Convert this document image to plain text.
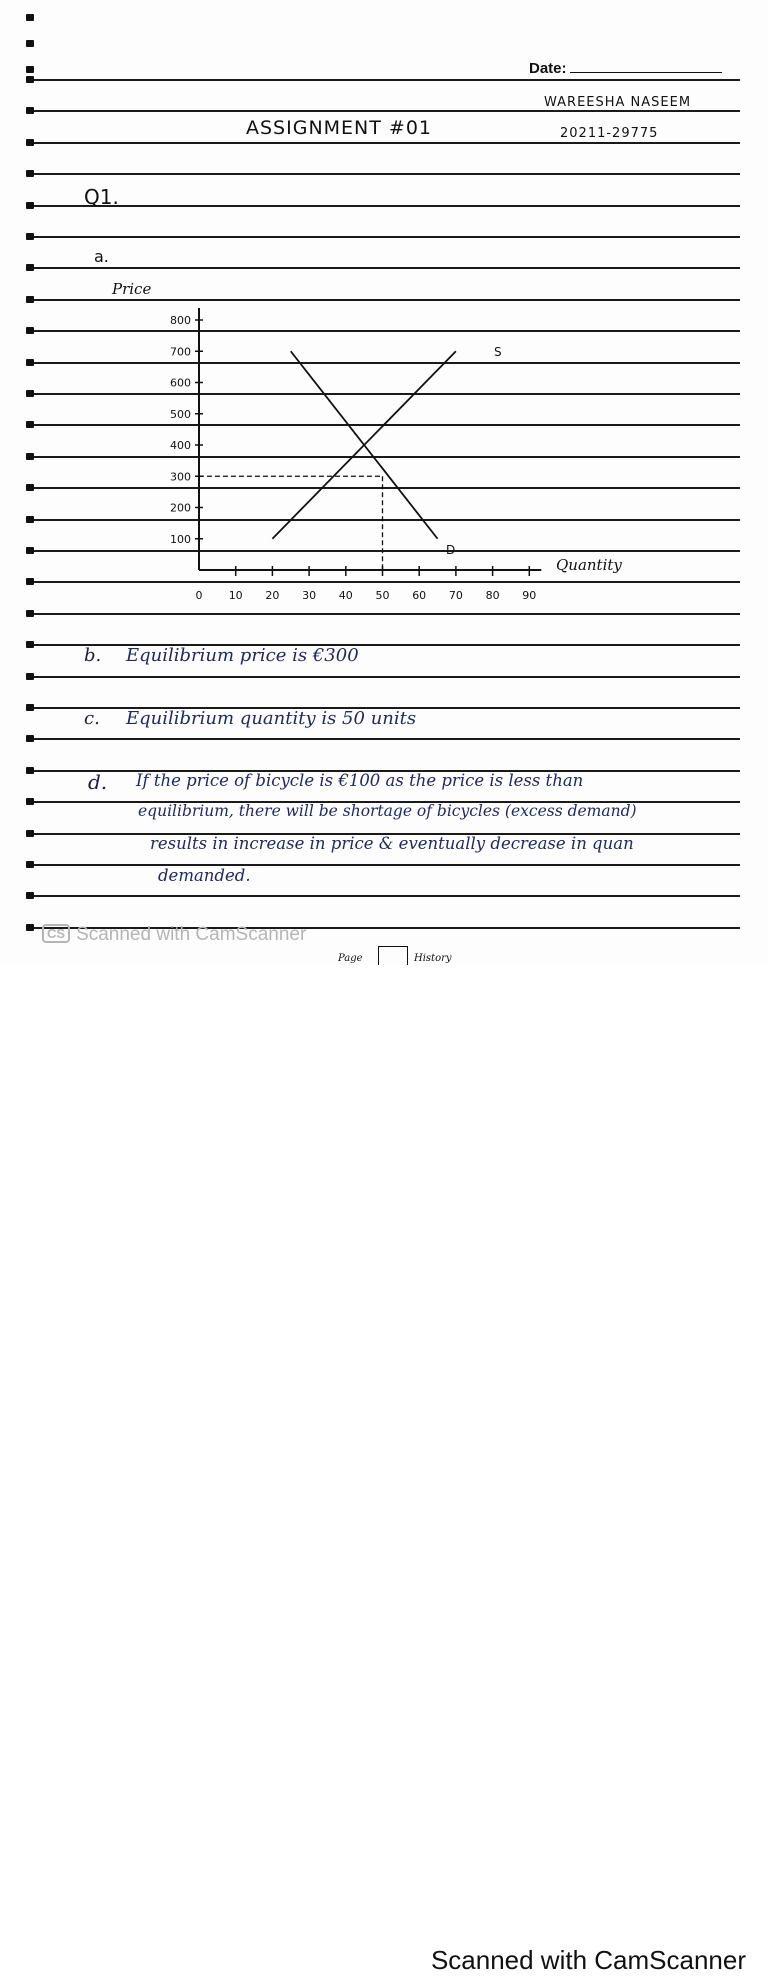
Date:
WAREESHA NASEEM
20211-29775
ASSIGNMENT #01
Q1.
a.
100
200
300
400
500
600
700
800
0 10 20 30 40 50 60 70 80 90
Price
Quantity
S
D
b. Equilibrium price is €300
c. Equilibrium quantity is 50 units
d. If the price of bicycle is €100 as the price is less than
equilibrium, there will be shortage of bicycles (excess demand)
results in increase in price & eventually decrease in quan
demanded.
CS Scanned with CamScanner
Page	History
Scanned with CamScanner
